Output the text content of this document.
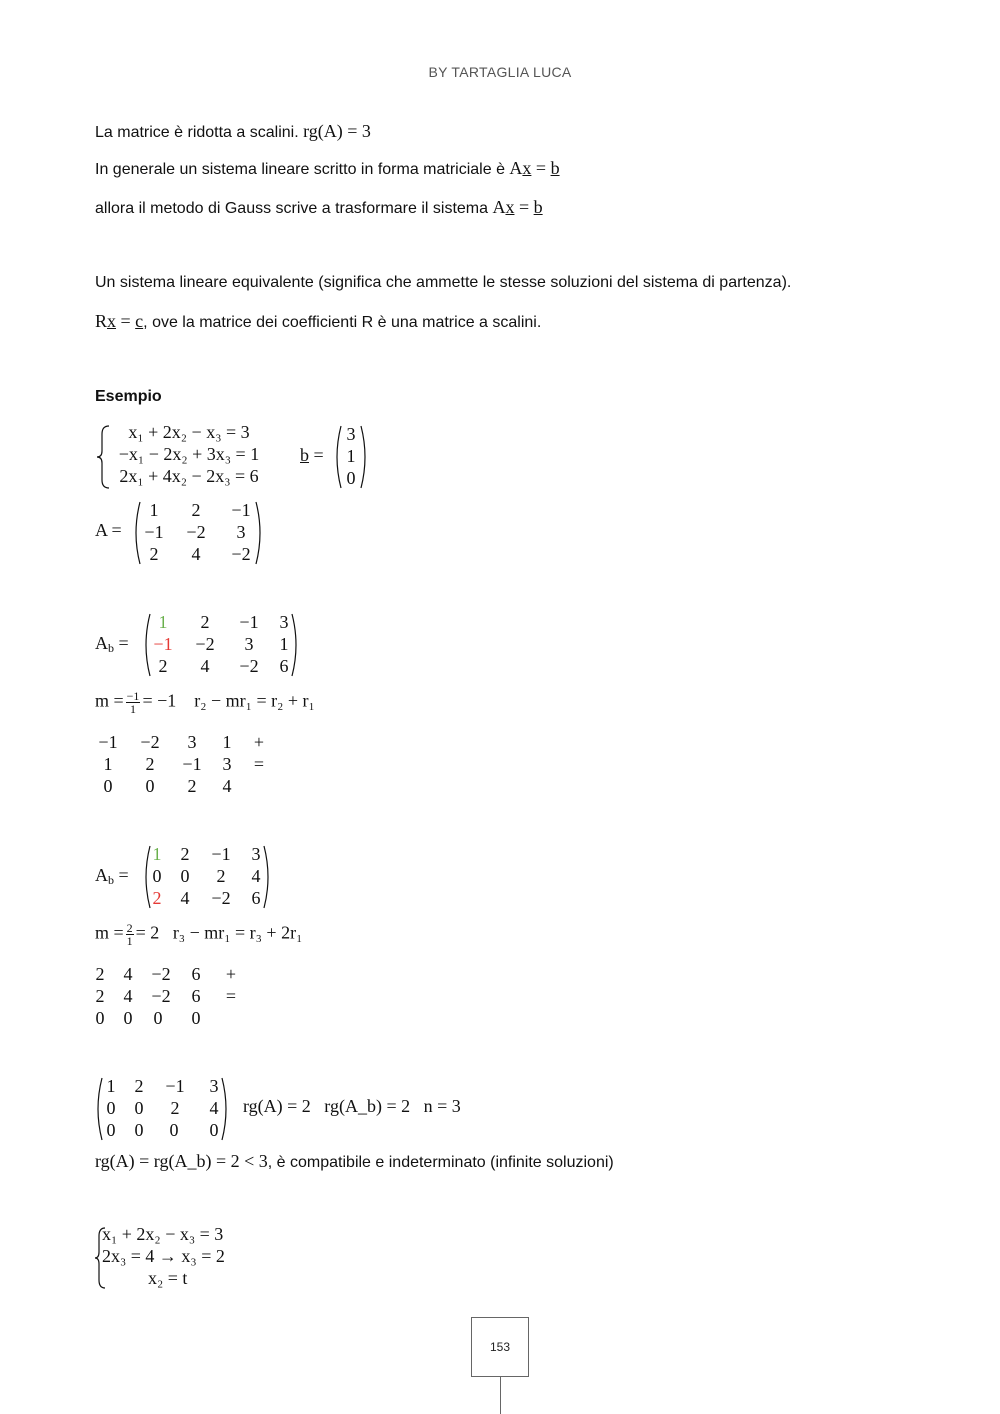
BY TARTAGLIA LUCA
La matrice è ridotta a scalini. rg(A) = 3
In generale un sistema lineare scritto in forma matriciale è Ax = b
allora il metodo di Gauss scrive a trasformare il sistema Ax = b
Un sistema lineare equivalente (significa che ammette le stesse soluzioni del sistema di partenza).
Rx = c, ove la matrice dei coefficienti R è una matrice a scalini.
Esempio
x₁ + 2x₂ − x₃ = 3
−x₁ − 2x₂ + 3x₃ = 1
2x₁ + 4x₂ − 2x₃ = 6
b =
3
1
0
A =
1	2	−1
−1 −2	3
2	4	−2
$A_b$ =
1	2	−1	3
−1 −2	3	1
2	4	−2	6
$m = \frac{-1}{1} = -1$ r₂ − mr₁ = r₂ + r₁
−1 −2	3	1	+
1	2	−1	3	=
0	0	2	4
$A_b$ =
1 2	−1	3
0 0	2	4
2 4	−2	6
$m = \frac{2}{1} = 2$ r₃ − mr₁ = r₃ + 2r₁
2 4 −2 6 +
2 4 −2 6 =
0 0 0 0
1 2	−1	3
0 0	2	4
0 0	0	0
rg(A) = 2   rg(A_b) = 2   n = 3
rg(A) = rg(A_b) = 2 < 3, è compatibile e indeterminato (infinite soluzioni)
x₁ + 2x₂ − x₃ = 3
2x₃ = 4 → x₃ = 2
x₂ = t
153
